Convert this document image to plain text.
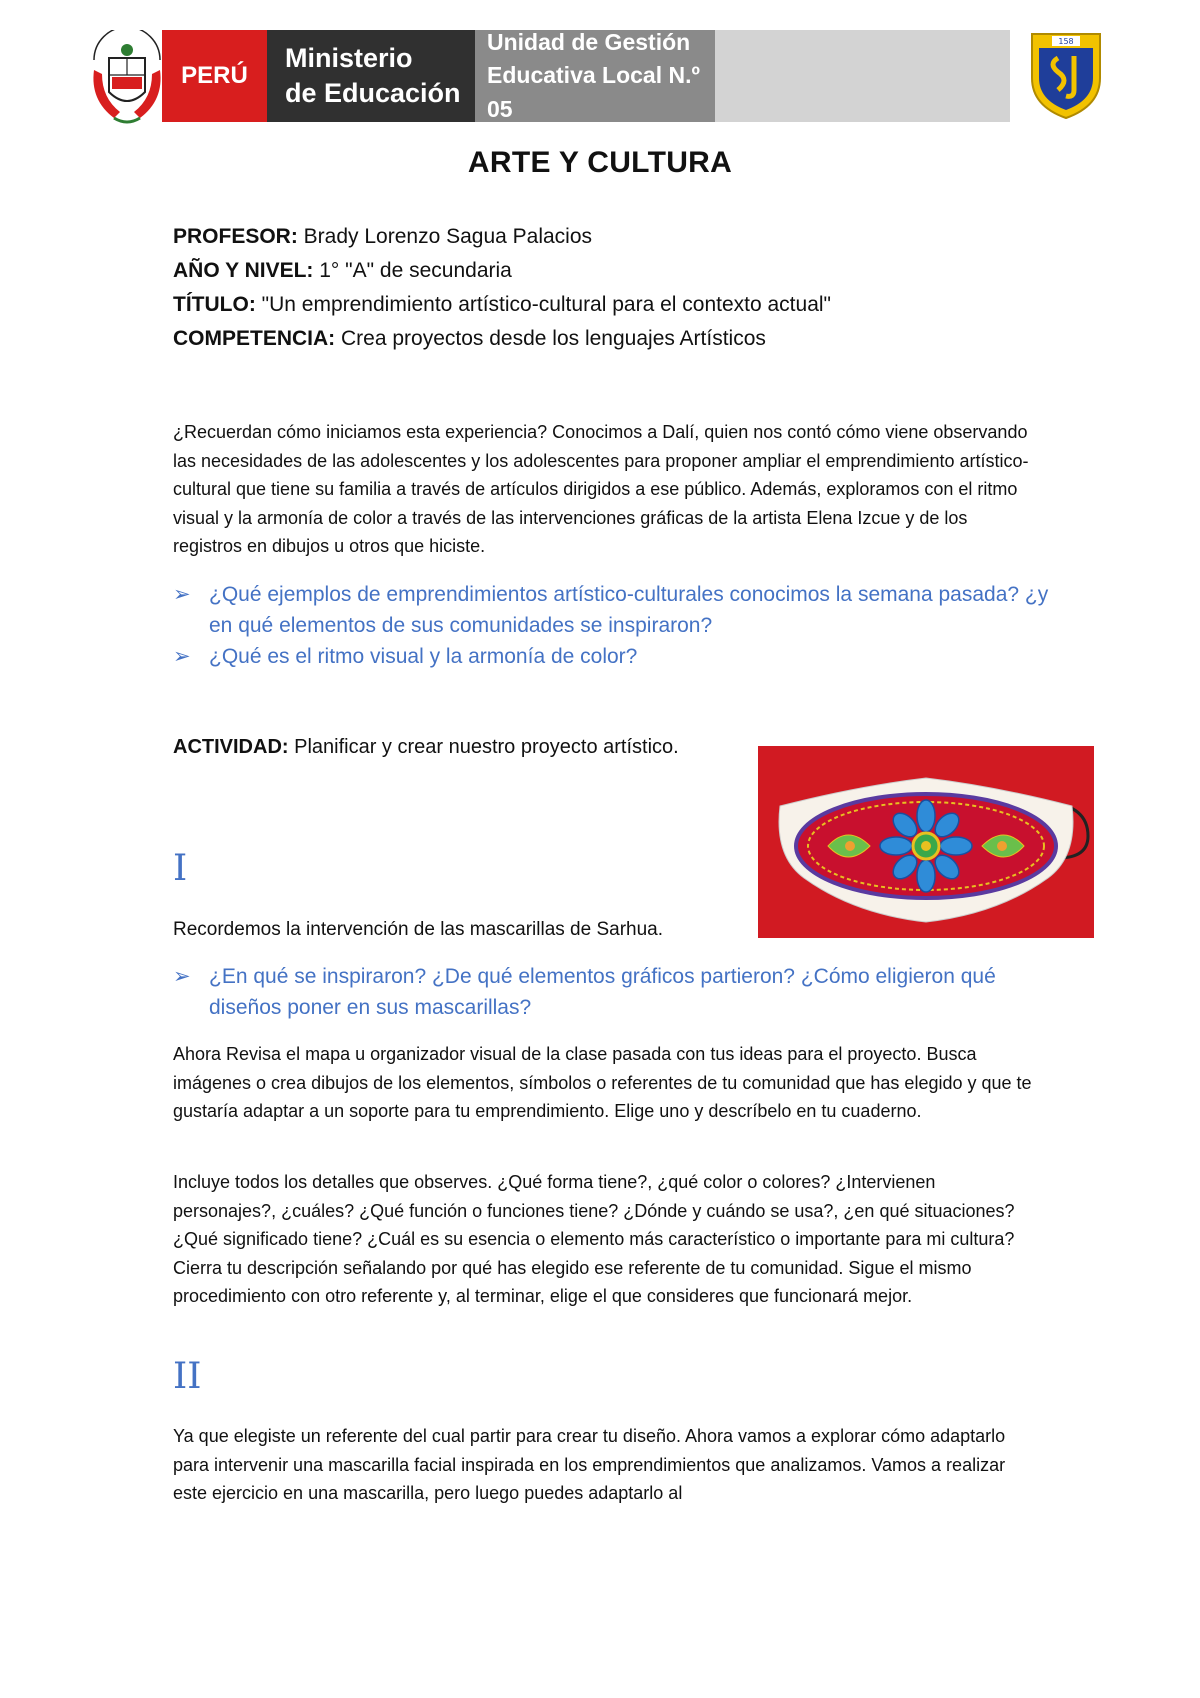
PERÚ
Ministerio
de Educación
Unidad de Gestión
Educativa Local N.º 05
158
ARTE Y CULTURA
PROFESOR: Brady Lorenzo Sagua Palacios
AÑO Y NIVEL: 1° "A" de secundaria
TÍTULO: "Un emprendimiento artístico-cultural para el contexto actual"
COMPETENCIA: Crea proyectos desde los lenguajes Artísticos
¿Recuerdan cómo iniciamos esta experiencia? Conocimos a Dalí, quien nos contó cómo viene observando las necesidades de las adolescentes y los adolescentes para proponer ampliar el emprendimiento artístico-cultural que tiene su familia a través de artículos dirigidos a ese público. Además, exploramos con el ritmo visual y la armonía de color a través de las intervenciones gráficas de la artista Elena Izcue y de los registros en dibujos u otros que hiciste.
➢ ¿Qué ejemplos de emprendimientos artístico-culturales conocimos la semana pasada? ¿y en qué elementos de sus comunidades se inspiraron?
➢ ¿Qué es el ritmo visual y la armonía de color?
ACTIVIDAD: Planificar y crear nuestro proyecto artístico.
I
Recordemos la intervención de las mascarillas de Sarhua.
➢ ¿En qué se inspiraron? ¿De qué elementos gráficos partieron? ¿Cómo eligieron qué diseños poner en sus mascarillas?
Ahora Revisa el mapa u organizador visual de la clase pasada con tus ideas para el proyecto. Busca imágenes o crea dibujos de los elementos, símbolos o referentes de tu comunidad que has elegido y que te gustaría adaptar a un soporte para tu emprendimiento. Elige uno y descríbelo en tu cuaderno.
Incluye todos los detalles que observes. ¿Qué forma tiene?, ¿qué color o colores? ¿Intervienen personajes?, ¿cuáles? ¿Qué función o funciones tiene? ¿Dónde y cuándo se usa?, ¿en qué situaciones? ¿Qué significado tiene? ¿Cuál es su esencia o elemento más característico o importante para mi cultura? Cierra tu descripción señalando por qué has elegido ese referente de tu comunidad. Sigue el mismo procedimiento con otro referente y, al terminar, elige el que consideres que funcionará mejor.
II
Ya que elegiste un referente del cual partir para crear tu diseño. Ahora vamos a explorar cómo adaptarlo para intervenir una mascarilla facial inspirada en los emprendimientos que analizamos. Vamos a realizar este ejercicio en una mascarilla, pero luego puedes adaptarlo al
